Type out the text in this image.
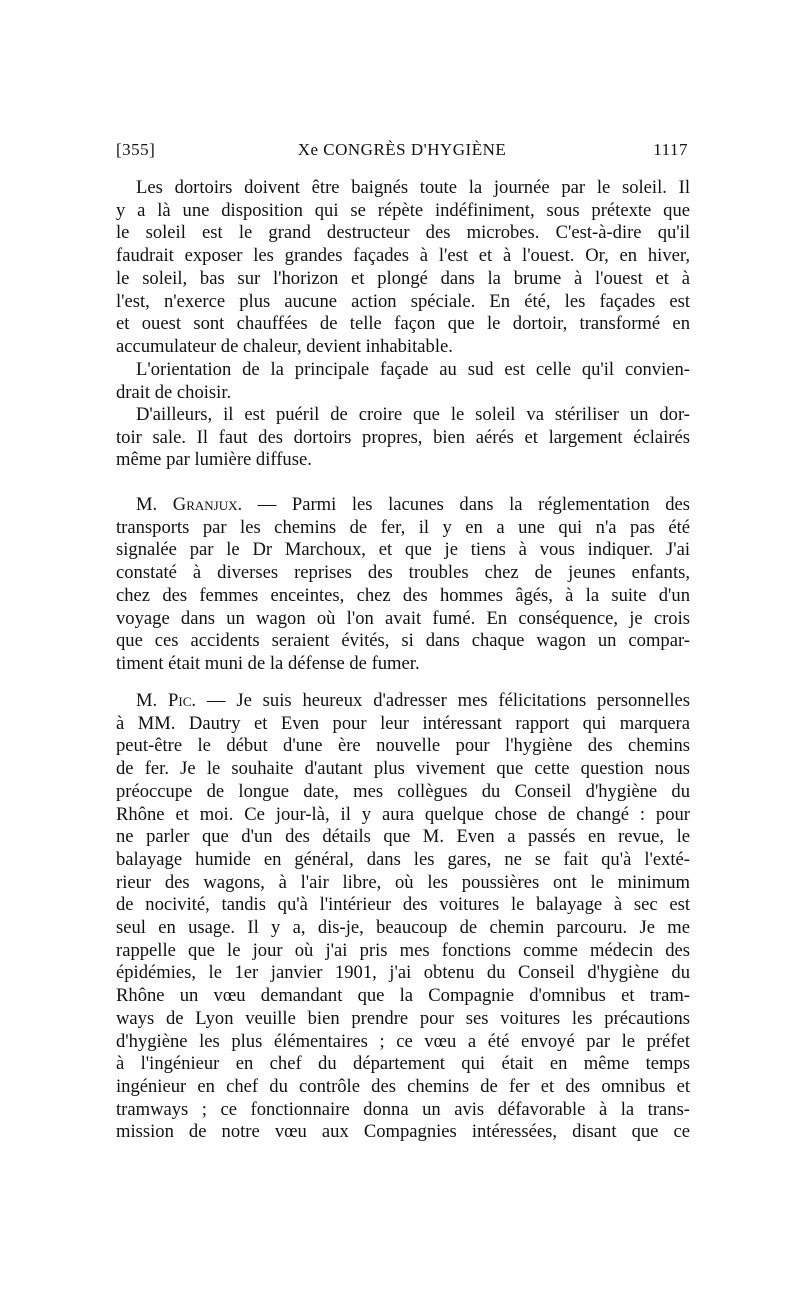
[355]	Xe CONGRÈS D'HYGIÈNE	1117
Les dortoirs doivent être baignés toute la journée par le soleil. Il
y a là une disposition qui se répète indéfiniment, sous prétexte que
le soleil est le grand destructeur des microbes. C'est-à-dire qu'il
faudrait exposer les grandes façades à l'est et à l'ouest. Or, en hiver,
le soleil, bas sur l'horizon et plongé dans la brume à l'ouest et à
l'est, n'exerce plus aucune action spéciale. En été, les façades est
et ouest sont chauffées de telle façon que le dortoir, transformé en
accumulateur de chaleur, devient inhabitable.
L'orientation de la principale façade au sud est celle qu'il convien-
drait de choisir.
D'ailleurs, il est puéril de croire que le soleil va stériliser un dor-
toir sale. Il faut des dortoirs propres, bien aérés et largement éclairés
même par lumière diffuse.
M. Granjux. — Parmi les lacunes dans la réglementation des
transports par les chemins de fer, il y en a une qui n'a pas été
signalée par le Dr Marchoux, et que je tiens à vous indiquer. J'ai
constaté à diverses reprises des troubles chez de jeunes enfants,
chez des femmes enceintes, chez des hommes âgés, à la suite d'un
voyage dans un wagon où l'on avait fumé. En conséquence, je crois
que ces accidents seraient évités, si dans chaque wagon un compar-
timent était muni de la défense de fumer.
M. Pic. — Je suis heureux d'adresser mes félicitations personnelles
à MM. Dautry et Even pour leur intéressant rapport qui marquera
peut-être le début d'une ère nouvelle pour l'hygiène des chemins
de fer. Je le souhaite d'autant plus vivement que cette question nous
préoccupe de longue date, mes collègues du Conseil d'hygiène du
Rhône et moi. Ce jour-là, il y aura quelque chose de changé : pour
ne parler que d'un des détails que M. Even a passés en revue, le
balayage humide en général, dans les gares, ne se fait qu'à l'exté-
rieur des wagons, à l'air libre, où les poussières ont le minimum
de nocivité, tandis qu'à l'intérieur des voitures le balayage à sec est
seul en usage. Il y a, dis-je, beaucoup de chemin parcouru. Je me
rappelle que le jour où j'ai pris mes fonctions comme médecin des
épidémies, le 1er janvier 1901, j'ai obtenu du Conseil d'hygiène du
Rhône un vœu demandant que la Compagnie d'omnibus et tram-
ways de Lyon veuille bien prendre pour ses voitures les précautions
d'hygiène les plus élémentaires ; ce vœu a été envoyé par le préfet
à l'ingénieur en chef du département qui était en même temps
ingénieur en chef du contrôle des chemins de fer et des omnibus et
tramways ; ce fonctionnaire donna un avis défavorable à la trans-
mission de notre vœu aux Compagnies intéressées, disant que ce
